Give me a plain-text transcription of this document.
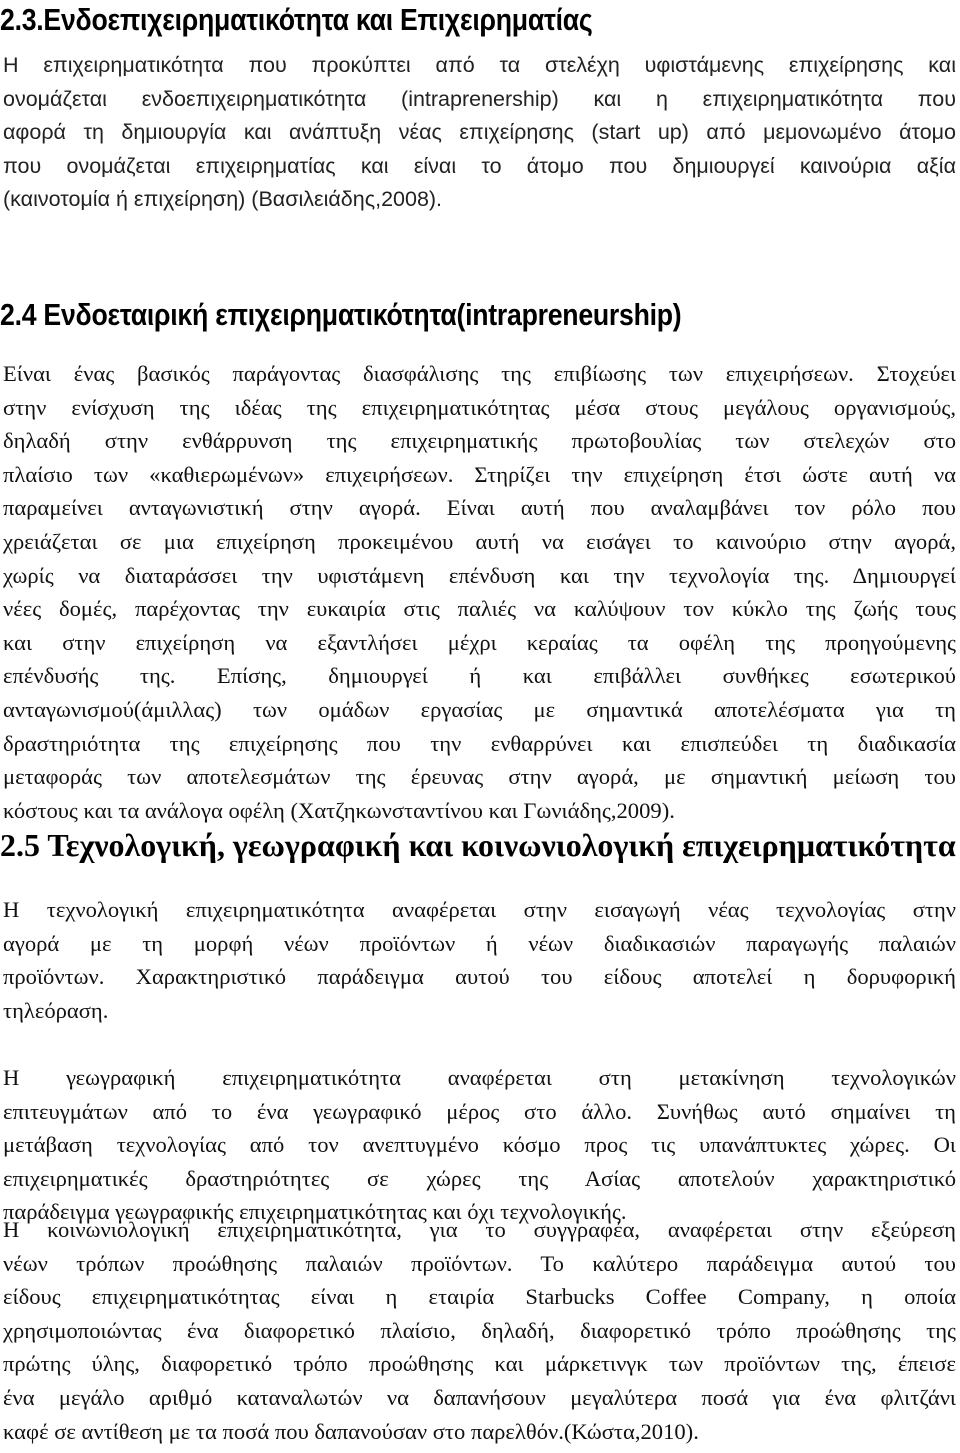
2.3.Ενδοεπιχειρηματικότητα και Επιχειρηματίας
Η επιχειρηματικότητα που προκύπτει από τα στελέχη υφιστάμενης επιχείρησης και
ονομάζεται ενδοεπιχειρηματικότητα (intraprenership) και η επιχειρηματικότητα που
αφορά τη δημιουργία και ανάπτυξη νέας επιχείρησης (start up) από μεμονωμένο άτομο
που ονομάζεται επιχειρηματίας και είναι το άτομο που δημιουργεί καινούρια αξία
(καινοτομία ή επιχείρηση) (Βασιλειάδης,2008).
2.4 Ενδοεταιρική επιχειρηματικότητα(intrapreneurship)
Είναι ένας βασικός παράγοντας διασφάλισης της επιβίωσης των επιχειρήσεων. Στοχεύει
στην ενίσχυση της ιδέας της επιχειρηματικότητας μέσα στους μεγάλους οργανισμούς,
δηλαδή στην ενθάρρυνση της επιχειρηματικής πρωτοβουλίας των στελεχών στο
πλαίσιο των «καθιερωμένων» επιχειρήσεων. Στηρίζει την επιχείρηση έτσι ώστε αυτή να
παραμείνει ανταγωνιστική στην αγορά. Είναι αυτή που αναλαμβάνει τον ρόλο που
χρειάζεται σε μια επιχείρηση προκειμένου αυτή να εισάγει το καινούριο στην αγορά,
χωρίς να διαταράσσει την υφιστάμενη επένδυση και την τεχνολογία της. Δημιουργεί
νέες δομές, παρέχοντας την ευκαιρία στις παλιές να καλύψουν τον κύκλο της ζωής τους
και στην επιχείρηση να εξαντλήσει μέχρι κεραίας τα οφέλη της προηγούμενης
επένδυσής της. Επίσης, δημιουργεί ή και επιβάλλει συνθήκες εσωτερικού
ανταγωνισμού(άμιλλας) των ομάδων εργασίας με σημαντικά αποτελέσματα για τη
δραστηριότητα της επιχείρησης που την ενθαρρύνει και επισπεύδει τη διαδικασία
μεταφοράς των αποτελεσμάτων της έρευνας στην αγορά, με σημαντική μείωση του
κόστους και τα ανάλογα οφέλη (Χατζηκωνσταντίνου και Γωνιάδης,2009).
2.5 Τεχνολογική, γεωγραφική και κοινωνιολογική επιχειρηματικότητα
Η τεχνολογική επιχειρηματικότητα αναφέρεται στην εισαγωγή νέας τεχνολογίας στην
αγορά με τη μορφή νέων προϊόντων ή νέων διαδικασιών παραγωγής παλαιών
προϊόντων. Χαρακτηριστικό παράδειγμα αυτού του είδους αποτελεί η δορυφορική
τηλεόραση.
Η γεωγραφική επιχειρηματικότητα αναφέρεται στη μετακίνηση τεχνολογικών
επιτευγμάτων από το ένα γεωγραφικό μέρος στο άλλο. Συνήθως αυτό σημαίνει τη
μετάβαση τεχνολογίας από τον ανεπτυγμένο κόσμο προς τις υπανάπτυκτες χώρες. Οι
επιχειρηματικές δραστηριότητες σε χώρες της Ασίας αποτελούν χαρακτηριστικό
παράδειγμα γεωγραφικής επιχειρηματικότητας και όχι τεχνολογικής.
Η κοινωνιολογική επιχειρηματικότητα, για το συγγραφέα, αναφέρεται στην εξεύρεση
νέων τρόπων προώθησης παλαιών προϊόντων. Το καλύτερο παράδειγμα αυτού του
είδους επιχειρηματικότητας είναι η εταιρία Starbucks Coffee Company, η οποία
χρησιμοποιώντας ένα διαφορετικό πλαίσιο, δηλαδή, διαφορετικό τρόπο προώθησης της
πρώτης ύλης, διαφορετικό τρόπο προώθησης και μάρκετινγκ των προϊόντων της, έπεισε
ένα μεγάλο αριθμό καταναλωτών να δαπανήσουν μεγαλύτερα ποσά για ένα φλιτζάνι
καφέ σε αντίθεση με τα ποσά που δαπανούσαν στο παρελθόν.(Κώστα,2010).
